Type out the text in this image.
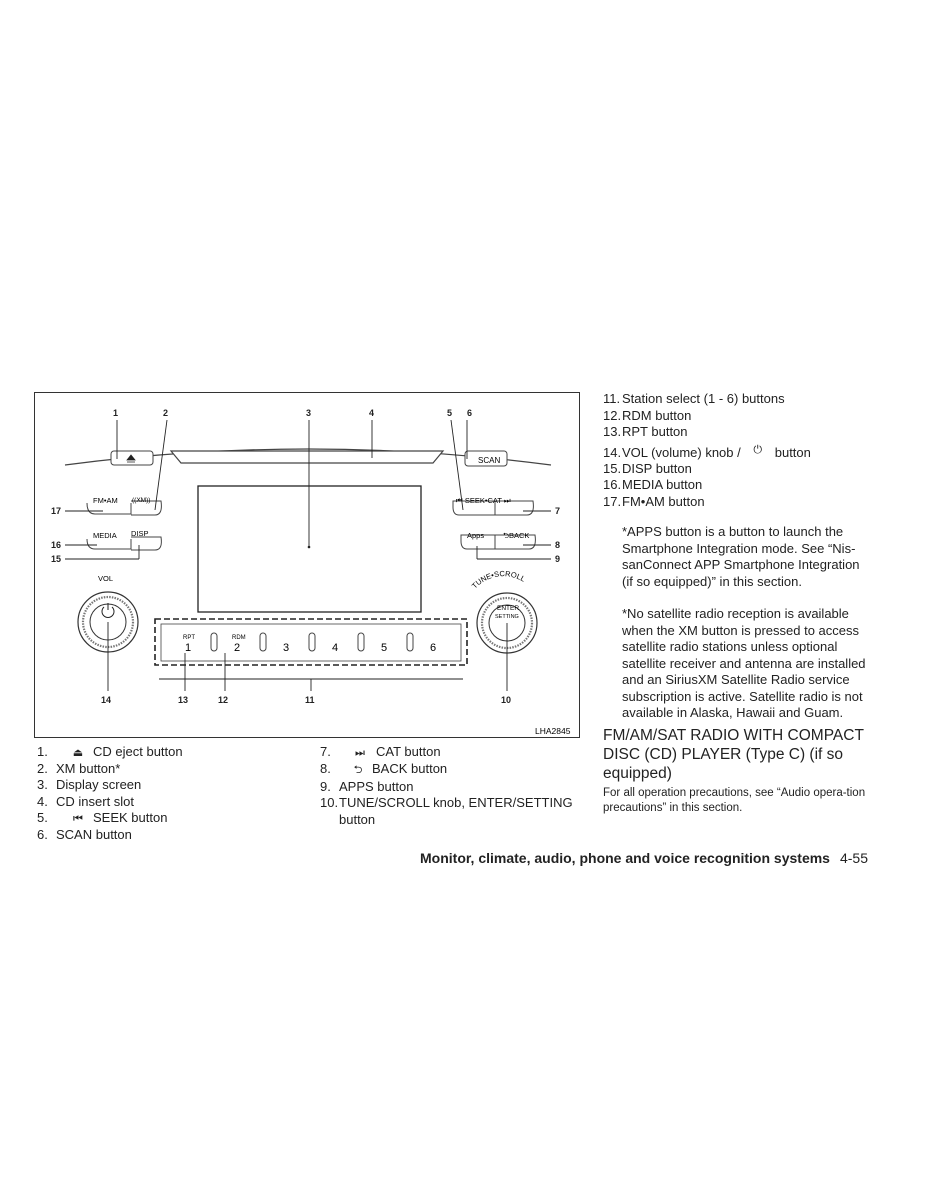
SCAN
FM•AM ((XM))
MEDIA DISP
⏮ SEEK•CAT ⏭
Apps	⮌BACK
VOL
ENTER
SETTING
TUNE•SCROLL
1	2	3	4	5	6
RPT	RDM
1	2	3	4	5 6
7
8
9
10
11
12
13
14
15
16
17
LHA2845
1. ⏏ CD eject button
2. XM button*
3. Display screen
4. CD insert slot
5. ⏮ SEEK button
6. SCAN button
7. ⏭ CAT button
8. ⮌ BACK button
9. APPS button
10.TUNE/SCROLL knob, ENTER/SETTING
button
11. Station select (1 - 6) buttons
12.RDM button
13.RPT button
14.VOL (volume) knob / ⏻ button
15.DISP button
16.MEDIA button
17.FM•AM button
*APPS button is a button to launch the Smartphone Integration mode. See “Nis-sanConnect APP Smartphone Integration (if so equipped)” in this section.
*No satellite radio reception is available when the XM button is pressed to access satellite radio stations unless optional satellite receiver and antenna are installed and an SiriusXM Satellite Radio service subscription is active. Satellite radio is not available in Alaska, Hawaii and Guam.
FM/AM/SAT RADIO WITH COMPACT DISC (CD) PLAYER (Type C) (if so equipped)
For all operation precautions, see “Audio opera-tion precautions” in this section.
Monitor, climate, audio, phone and voice recognition systems 4-55
